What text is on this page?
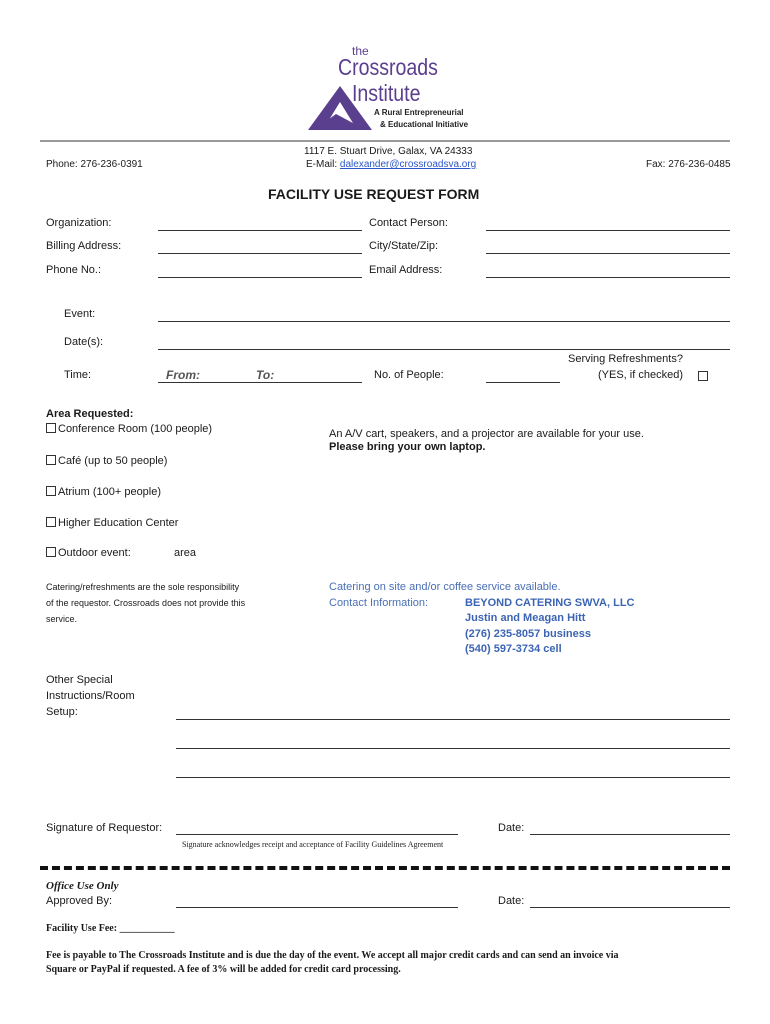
the
Crossroads
Institute
A Rural Entrepreneurial
& Educational Initiative
Phone: 276-236-0391
1117 E. Stuart Drive, Galax, VA 24333
E-Mail: dalexander@crossroadsva.org	Fax: 276-236-0485
FACILITY USE REQUEST FORM
Organization:	Contact Person:
Billing Address:	City/State/Zip:
Phone No.:	Email Address:
Event:
Date(s):
Time:	From:	To:	No. of People:
Serving Refreshments?
(YES, if checked)
Area Requested:
Conference Room (100 people)
Café (up to 50 people)
Atrium (100+ people)
Higher Education Center
Outdoor event:	area
An A/V cart, speakers, and a projector are available for your use.
Please bring your own laptop.
Catering/refreshments are the sole responsibility
of the requestor. Crossroads does not provide this
service.
Catering on site and/or coffee service available.
Contact Information:	BEYOND CATERING SWVA, LLC
Justin and Meagan Hitt
(276) 235-8057 business
(540) 597-3734 cell
Other Special
Instructions/Room
Setup:
Signature of Requestor:	Date:
Signature acknowledges receipt and acceptance of Facility Guidelines Agreement
Office Use Only
Approved By:	Date:
Facility Use Fee: ___________
Fee is payable to The Crossroads Institute and is due the day of the event. We accept all major credit cards and can send an invoice via
Square or PayPal if requested. A fee of 3% will be added for credit card processing.
